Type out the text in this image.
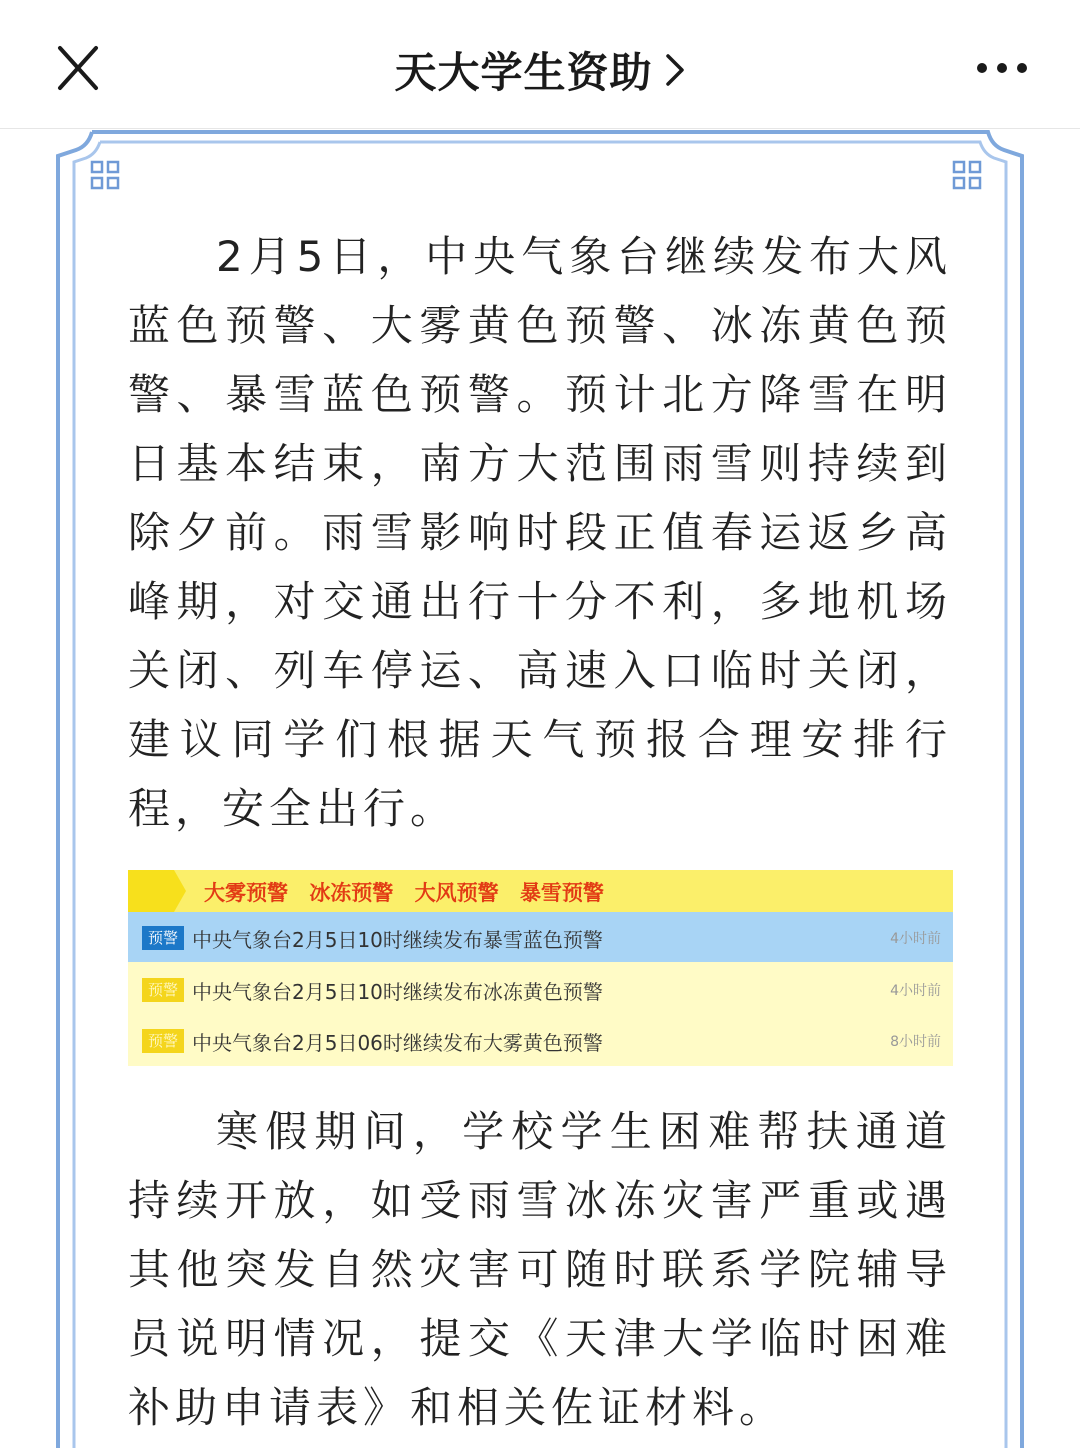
天大学生资助

2月5日，中央气象台继续发布大风蓝色预警、大雾黄色预警、冰冻黄色预警、暴雪蓝色预警。预计北方降雪在明日基本结束，南方大范围雨雪则持续到除夕前。雨雪影响时段正值春运返乡高峰期，对交通出行十分不利，多地机场关闭、列车停运、高速入口临时关闭，建议同学们根据天气预报合理安排行程，安全出行。

大雾预警 冰冻预警 大风预警 暴雪预警
预警 中央气象台2月5日10时继续发布暴雪蓝色预警	4小时前
预警 中央气象台2月5日10时继续发布冰冻黄色预警	4小时前
预警 中央气象台2月5日06时继续发布大雾黄色预警	8小时前

寒假期间，学校学生困难帮扶通道持续开放，如受雨雪冰冻灾害严重或遇其他突发自然灾害可随时联系学院辅导员说明情况，提交《天津大学临时困难补助申请表》和相关佐证材料。
